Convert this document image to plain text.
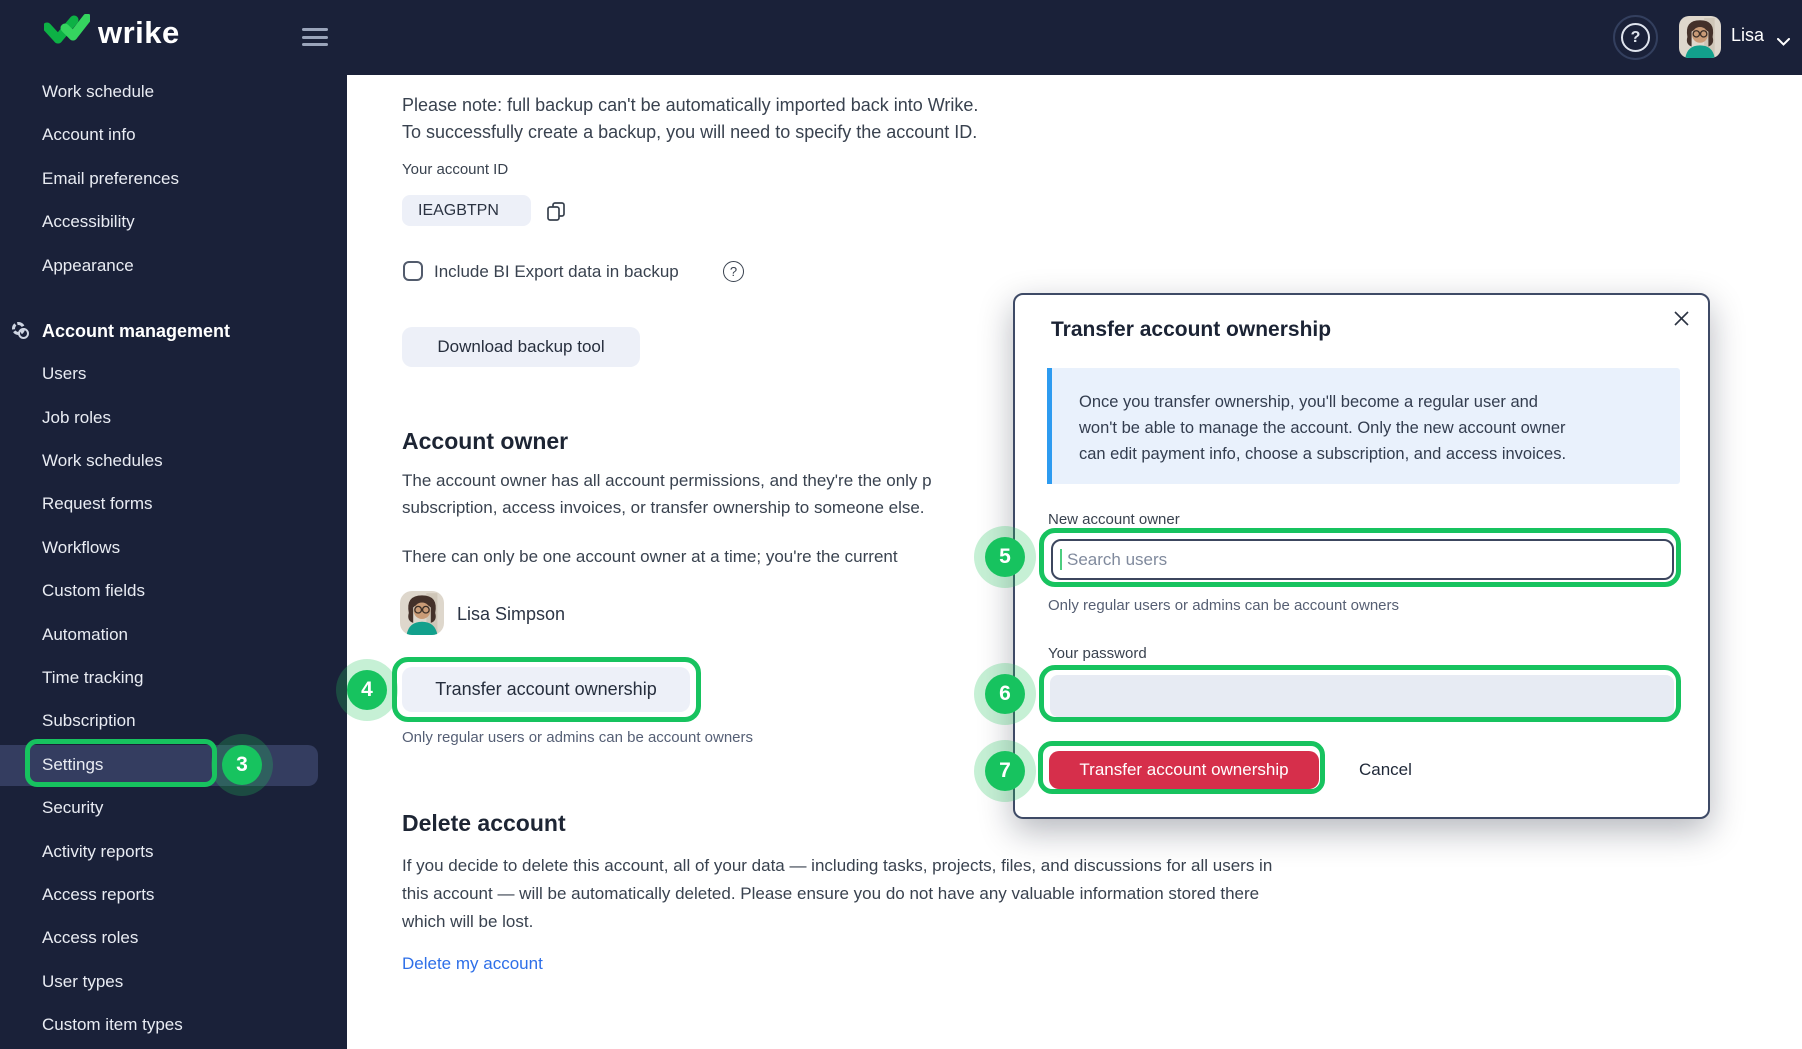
wrike	?	Lisa
Work schedule
Account info
Email preferences
Accessibility
Appearance
Account management
Users
Job roles
Work schedules
Request forms
Workflows
Custom fields
Automation
Time tracking
Subscription
Settings
Security
Activity reports
Access reports
Access roles
User types
Custom item types
Please note: full backup can't be automatically imported back into Wrike.
To successfully create a backup, you will need to specify the account ID.
Your account ID
IEAGBTPN
Include BI Export data in backup	?
Download backup tool
Account owner
The account owner has all account permissions, and they're the only p
subscription, access invoices, or transfer ownership to someone else.
There can only be one account owner at a time; you're the current
Lisa Simpson
Transfer account ownership
Only regular users or admins can be account owners
Delete account
If you decide to delete this account, all of your data — including tasks, projects, files, and discussions for all users in
this account — will be automatically deleted. Please ensure you do not have any valuable information stored there
which will be lost.
Delete my account
Transfer account ownership
Once you transfer ownership, you'll become a regular user and
won't be able to manage the account. Only the new account owner
can edit payment info, choose a subscription, and access invoices.
New account owner
Search users
Only regular users or admins can be account owners
Your password
Transfer account ownership	Cancel
3
4
5
6
7
